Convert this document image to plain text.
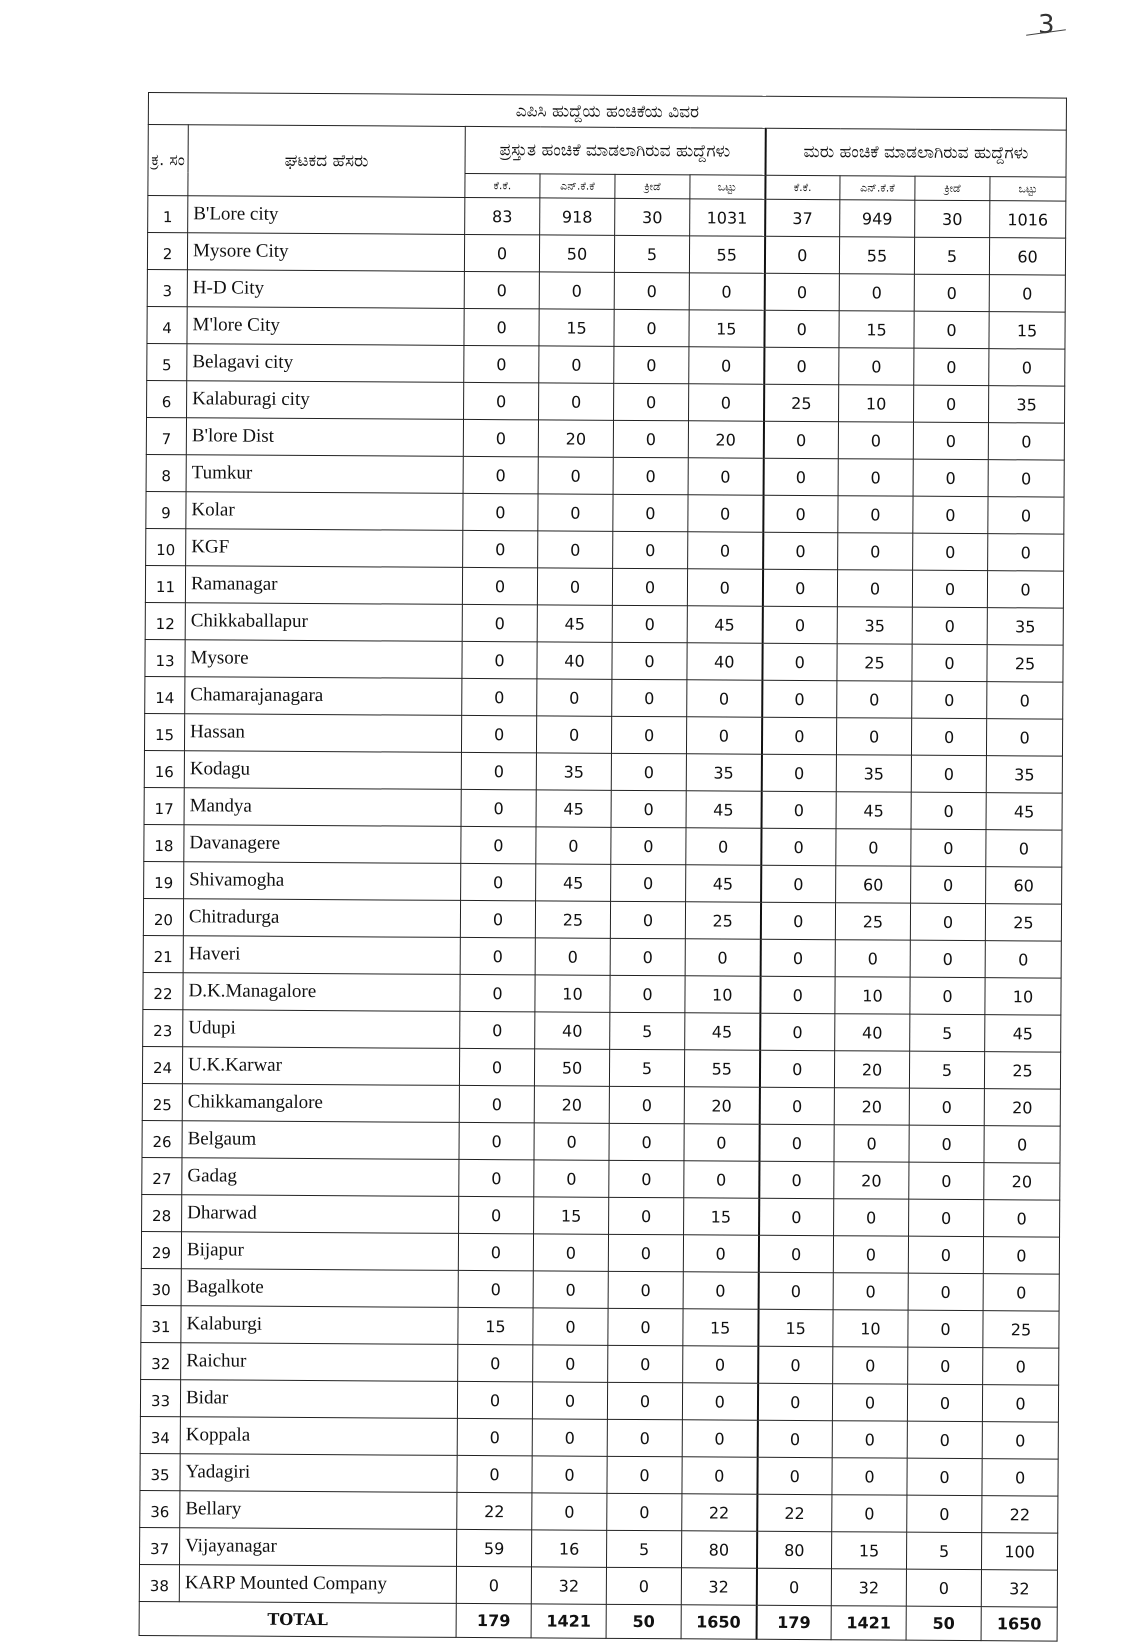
3
ಎಪಿಸಿ ಹುದ್ದೆಯ ಹಂಚಿಕೆಯ ವಿವರ									
ಕ್ರ. ಸಂ	ಘಟಕದ ಹೆಸರು	ಪ್ರಸ್ತುತ ಹಂಚಿಕೆ ಮಾಡಲಾಗಿರುವ ಹುದ್ದೆಗಳು				ಮರು ಹಂಚಿಕೆ ಮಾಡಲಾಗಿರುವ ಹುದ್ದೆಗಳು			
		ಕೆ.ಕೆ.	ಎನ್.ಕೆ.ಕೆ	ಕ್ರೀಡೆ	ಒಟ್ಟು	ಕೆ.ಕೆ.	ಎನ್.ಕೆ.ಕೆ	ಕ್ರೀಡೆ	ಒಟ್ಟು
1	B'Lore city	83	918	30	1031	37	949	30	1016
2	Mysore City	0	50	5	55	0	55	5	60
3	H-D City	0	0	0	0	0	0	0	0
4	M'lore City	0	15	0	15	0	15	0	15
5	Belagavi city	0	0	0	0	0	0	0	0
6	Kalaburagi city	0	0	0	0	25	10	0	35
7	B'lore Dist	0	20	0	20	0	0	0	0
8	Tumkur	0	0	0	0	0	0	0	0
9	Kolar	0	0	0	0	0	0	0	0
10	KGF	0	0	0	0	0	0	0	0
11	Ramanagar	0	0	0	0	0	0	0	0
12	Chikkaballapur	0	45	0	45	0	35	0	35
13	Mysore	0	40	0	40	0	25	0	25
14	Chamarajanagara	0	0	0	0	0	0	0	0
15	Hassan	0	0	0	0	0	0	0	0
16	Kodagu	0	35	0	35	0	35	0	35
17	Mandya	0	45	0	45	0	45	0	45
18	Davanagere	0	0	0	0	0	0	0	0
19	Shivamogha	0	45	0	45	0	60	0	60
20	Chitradurga	0	25	0	25	0	25	0	25
21	Haveri	0	0	0	0	0	0	0	0
22	D.K.Managalore	0	10	0	10	0	10	0	10
23	Udupi	0	40	5	45	0	40	5	45
24	U.K.Karwar	0	50	5	55	0	20	5	25
25	Chikkamangalore	0	20	0	20	0	20	0	20
26	Belgaum	0	0	0	0	0	0	0	0
27	Gadag	0	0	0	0	0	20	0	20
28	Dharwad	0	15	0	15	0	0	0	0
29	Bijapur	0	0	0	0	0	0	0	0
30	Bagalkote	0	0	0	0	0	0	0	0
31	Kalaburgi	15	0	0	15	15	10	0	25
32	Raichur	0	0	0	0	0	0	0	0
33	Bidar	0	0	0	0	0	0	0	0
34	Koppala	0	0	0	0	0	0	0	0
35	Yadagiri	0	0	0	0	0	0	0	0
36	Bellary	22	0	0	22	22	0	0	22
37	Vijayanagar	59	16	5	80	80	15	5	100
38	KARP Mounted Company	0	32	0	32	0	32	0	32
TOTAL		179	1421	50	1650	179	1421	50	1650
